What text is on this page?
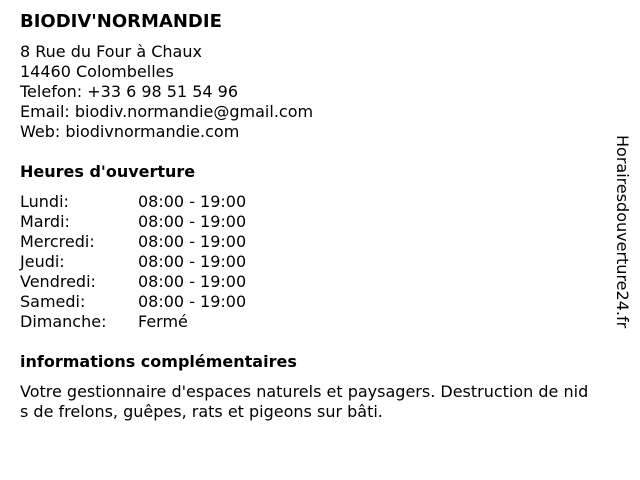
BIODIV'NORMANDIE
8 Rue du Four à Chaux
14460 Colombelles
Telefon: +33 6 98 51 54 96
Email: biodiv.normandie@gmail.com
Web: biodivnormandie.com
Heures d'ouverture
Lundi:	08:00 - 19:00
Mardi:	08:00 - 19:00
Mercredi:	08:00 - 19:00
Jeudi:	08:00 - 19:00
Vendredi:	08:00 - 19:00
Samedi:	08:00 - 19:00
Dimanche:	Fermé
informations complémentaires
Votre gestionnaire d'espaces naturels et paysagers. Destruction de nids de frelons, guêpes, rats et pigeons sur bâti.
Horairesdouverture24.fr
